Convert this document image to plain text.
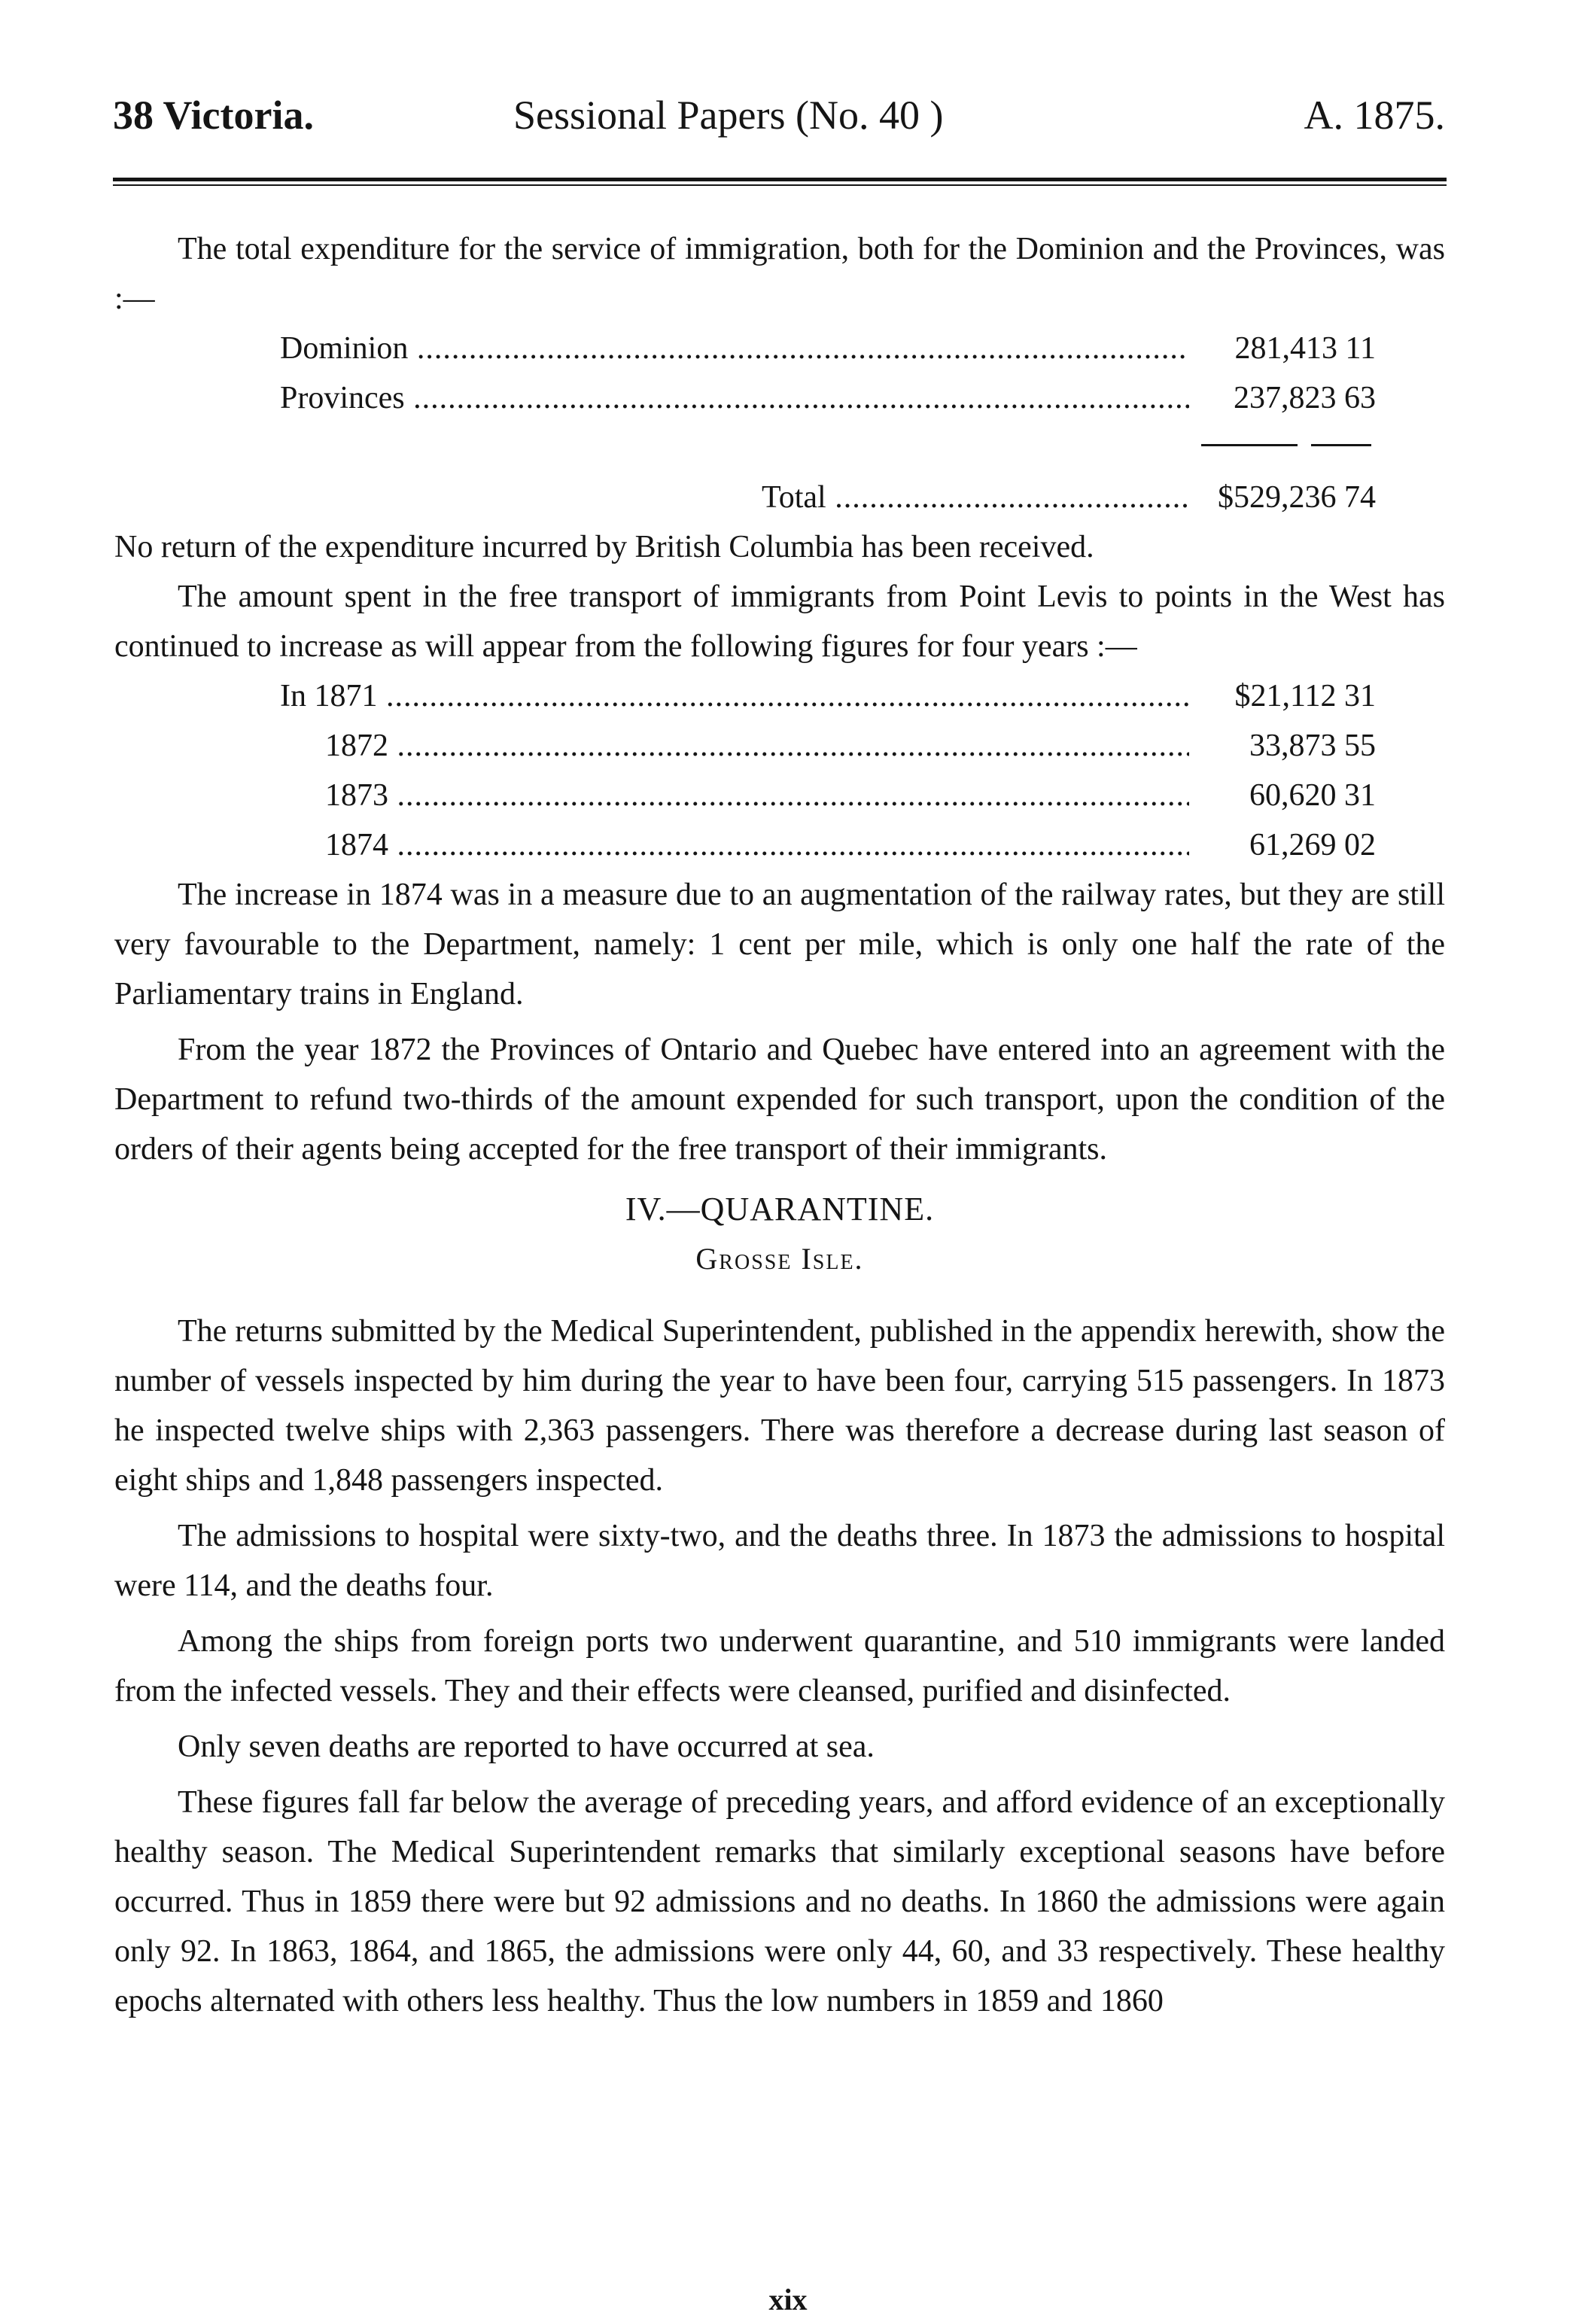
38 Victoria.	Sessional Papers (No. 40 )	A. 1875.

The total expenditure for the service of immigration, both for the Dominion and the Provinces, was :—

Dominion .....	281,413 11
Provinces .....	237,823 63
Total .....	$529,236 74

No return of the expenditure incurred by British Columbia has been received.

The amount spent in the free transport of immigrants from Point Levis to points in the West has continued to increase as will appear from the following figures for four years :—

In 1871 .....	$21,112 31
1872 .....	33,873 55
1873 .....	60,620 31
1874 .....	61,269 02

The increase in 1874 was in a measure due to an augmentation of the railway rates, but they are still very favourable to the Department, namely: 1 cent per mile, which is only one half the rate of the Parliamentary trains in England.

From the year 1872 the Provinces of Ontario and Quebec have entered into an agreement with the Department to refund two-thirds of the amount expended for such transport, upon the condition of the orders of their agents being accepted for the free transport of their immigrants.

IV.—QUARANTINE.
Grosse Isle.

The returns submitted by the Medical Superintendent, published in the appendix herewith, show the number of vessels inspected by him during the year to have been four, carrying 515 passengers. In 1873 he inspected twelve ships with 2,363 passengers. There was therefore a decrease during last season of eight ships and 1,848 passengers inspected.

The admissions to hospital were sixty-two, and the deaths three. In 1873 the admissions to hospital were 114, and the deaths four.

Among the ships from foreign ports two underwent quarantine, and 510 immigrants were landed from the infected vessels. They and their effects were cleansed, purified and disinfected.

Only seven deaths are reported to have occurred at sea.

These figures fall far below the average of preceding years, and afford evidence of an exceptionally healthy season. The Medical Superintendent remarks that similarly exceptional seasons have before occurred. Thus in 1859 there were but 92 admissions and no deaths. In 1860 the admissions were again only 92. In 1863, 1864, and 1865, the admissions were only 44, 60, and 33 respectively. These healthy epochs alternated with others less healthy. Thus the low numbers in 1859 and 1860

xix
